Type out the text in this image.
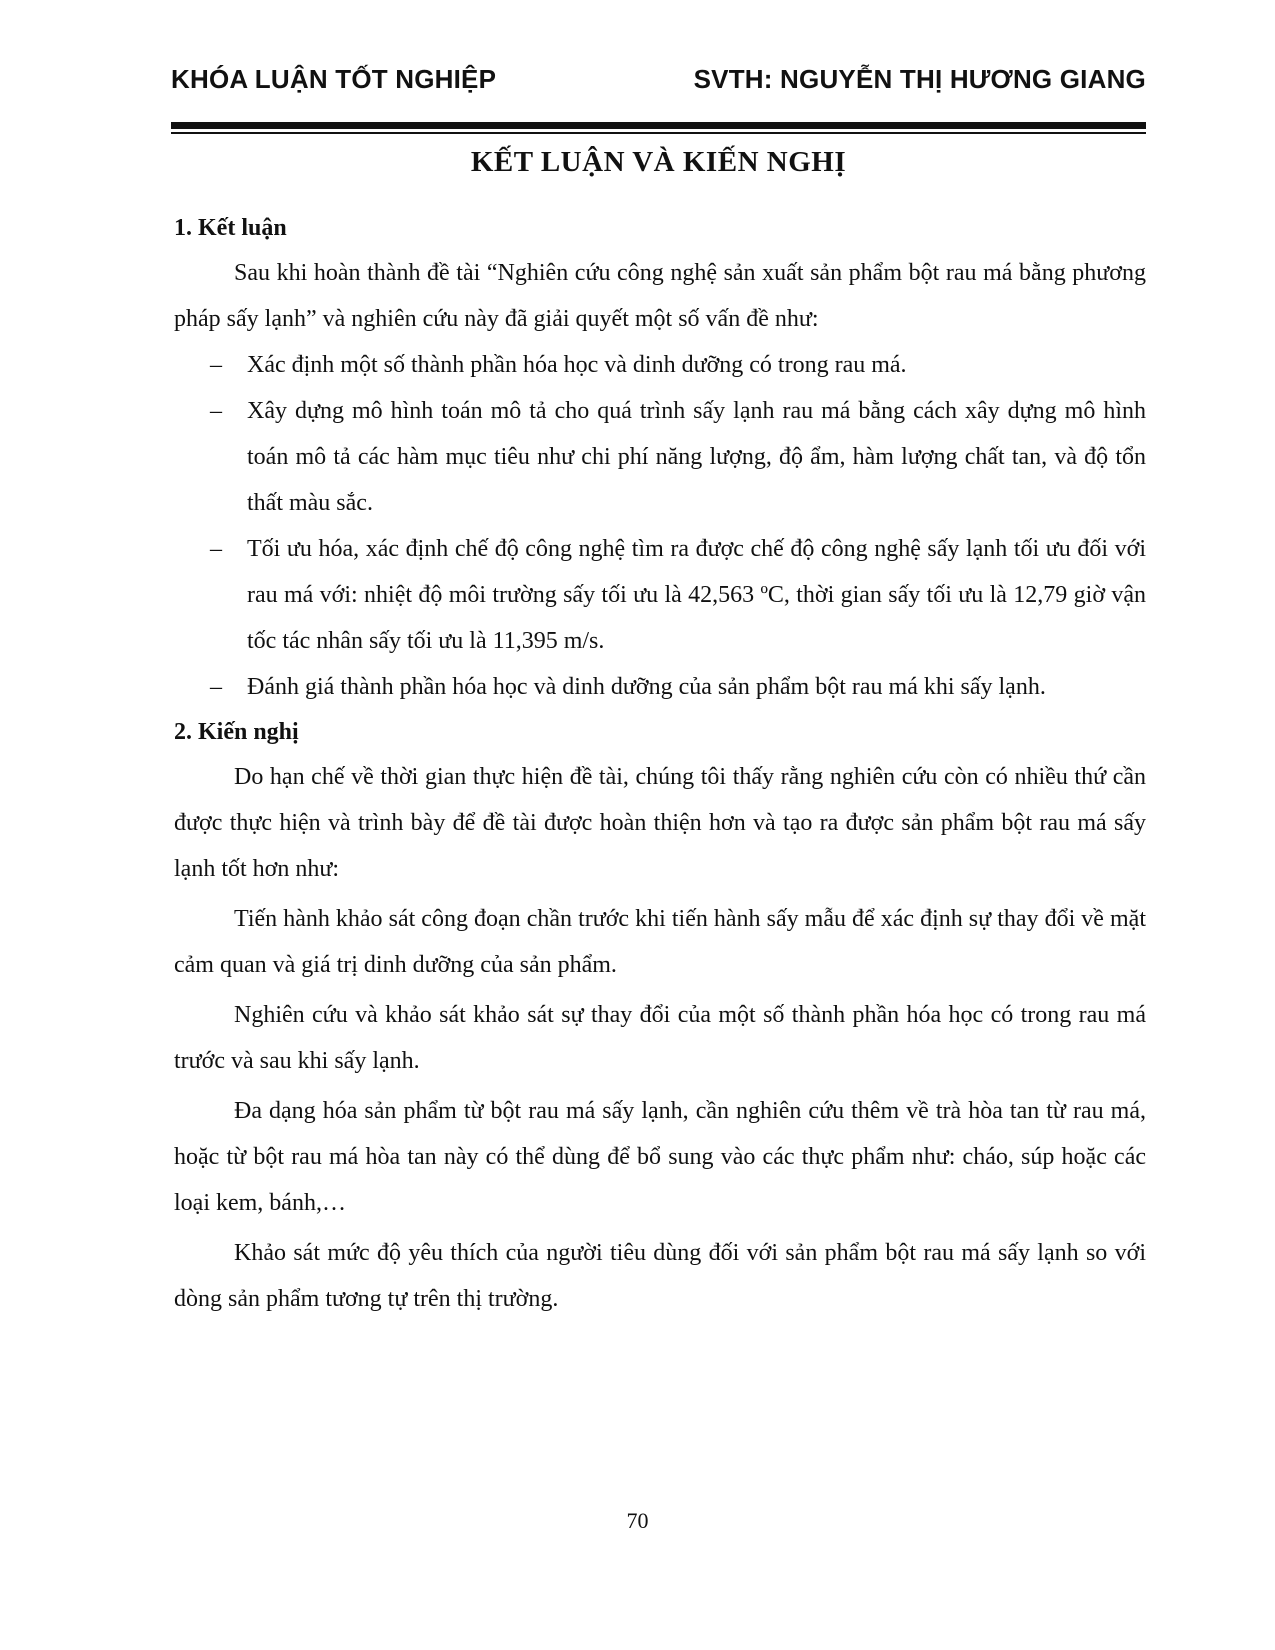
KHÓA LUẬN TỐT NGHIỆP	SVTH: NGUYỄN THỊ HƯƠNG GIANG
KẾT LUẬN VÀ KIẾN NGHỊ
1. Kết luận

Sau khi hoàn thành đề tài “Nghiên cứu công nghệ sản xuất sản phẩm bột rau má bằng phương pháp sấy lạnh” và nghiên cứu này đã giải quyết một số vấn đề như:

– Xác định một số thành phần hóa học và dinh dưỡng có trong rau má.
– Xây dựng mô hình toán mô tả cho quá trình sấy lạnh rau má bằng cách xây dựng mô hình toán mô tả các hàm mục tiêu như chi phí năng lượng, độ ẩm, hàm lượng chất tan, và độ tổn thất màu sắc.
– Tối ưu hóa, xác định chế độ công nghệ tìm ra được chế độ công nghệ sấy lạnh tối ưu đối với rau má với: nhiệt độ môi trường sấy tối ưu là 42,563 ºC, thời gian sấy tối ưu là 12,79 giờ vận tốc tác nhân sấy tối ưu là 11,395 m/s.
– Đánh giá thành phần hóa học và dinh dưỡng của sản phẩm bột rau má khi sấy lạnh.
2. Kiến nghị

Do hạn chế về thời gian thực hiện đề tài, chúng tôi thấy rằng nghiên cứu còn có nhiều thứ cần được thực hiện và trình bày để đề tài được hoàn thiện hơn và tạo ra được sản phẩm bột rau má sấy lạnh tốt hơn như:

Tiến hành khảo sát công đoạn chần trước khi tiến hành sấy mẫu để xác định sự thay đổi về mặt cảm quan và giá trị dinh dưỡng của sản phẩm.

Nghiên cứu và khảo sát khảo sát sự thay đổi của một số thành phần hóa học có trong rau má trước và sau khi sấy lạnh.

Đa dạng hóa sản phẩm từ bột rau má sấy lạnh, cần nghiên cứu thêm về trà hòa tan từ rau má, hoặc từ bột rau má hòa tan này có thể dùng để bổ sung vào các thực phẩm như: cháo, súp hoặc các loại kem, bánh,…

Khảo sát mức độ yêu thích của người tiêu dùng đối với sản phẩm bột rau má sấy lạnh so với dòng sản phẩm tương tự trên thị trường.

70
